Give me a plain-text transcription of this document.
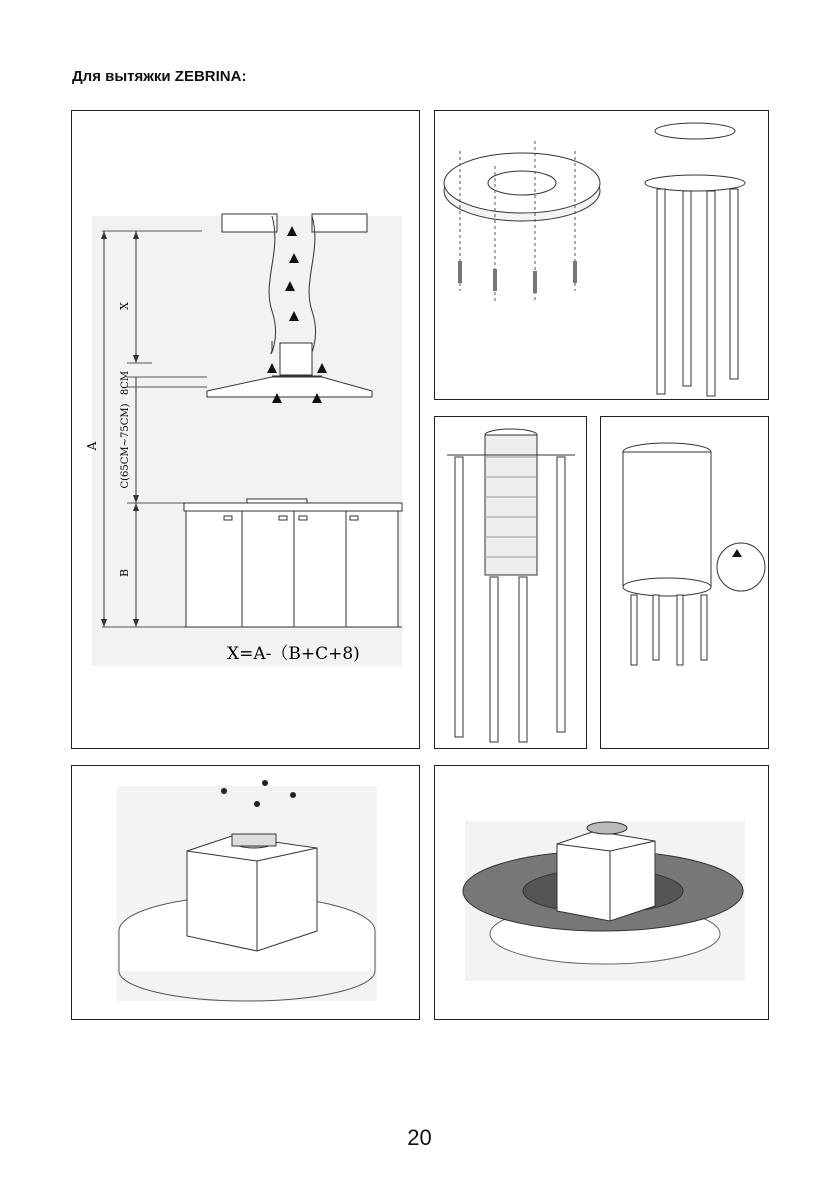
Для вытяжки ZEBRINA:
A
X
8CM
C(65CM~75CM)
B
X=A-（B+C+8)
20
